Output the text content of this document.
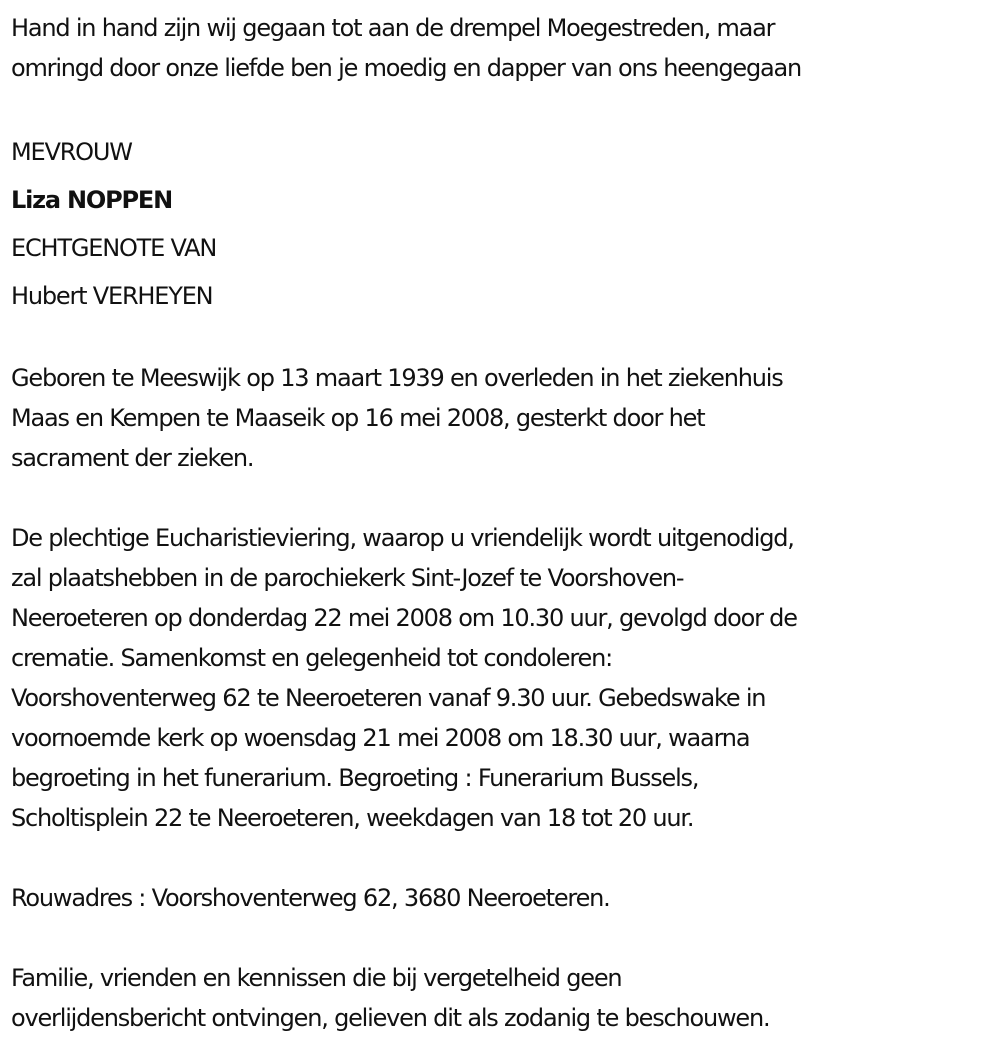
Hand in hand zijn wij gegaan tot aan de drempel Moegestreden, maar

omringd door onze liefde ben je moedig en dapper van ons heengegaan

MEVROUW

Liza NOPPEN

ECHTGENOTE VAN

Hubert VERHEYEN

Geboren te Meeswijk op 13 maart 1939 en overleden in het ziekenhuis

Maas en Kempen te Maaseik op 16 mei 2008, gesterkt door het

sacrament der zieken.

De plechtige Eucharistieviering, waarop u vriendelijk wordt uitgenodigd,

zal plaatshebben in de parochiekerk Sint-Jozef te Voorshoven-

Neeroeteren op donderdag 22 mei 2008 om 10.30 uur, gevolgd door de

crematie. Samenkomst en gelegenheid tot condoleren:

Voorshoventerweg 62 te Neeroeteren vanaf 9.30 uur. Gebedswake in

voornoemde kerk op woensdag 21 mei 2008 om 18.30 uur, waarna

begroeting in het funerarium. Begroeting : Funerarium Bussels,

Scholtisplein 22 te Neeroeteren, weekdagen van 18 tot 20 uur.

Rouwadres : Voorshoventerweg 62, 3680 Neeroeteren.

Familie, vrienden en kennissen die bij vergetelheid geen

overlijdensbericht ontvingen, gelieven dit als zodanig te beschouwen.
